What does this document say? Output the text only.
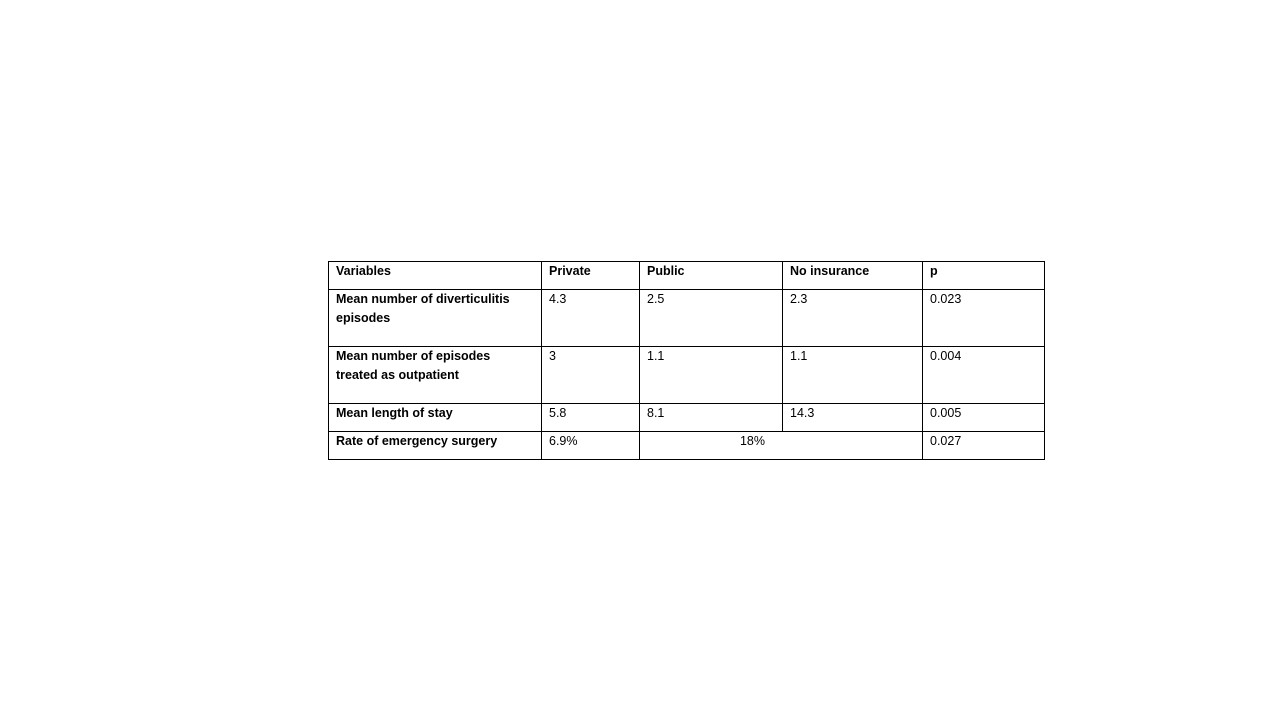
Variables	Private	Public	No insurance	p
Mean number of diverticulitis
episodes	4.3	2.5	2.3	0.023
Mean number of episodes
treated as outpatient	3	1.1	1.1	0.004
Mean length of stay	5.8	8.1	14.3	0.005
Rate of emergency surgery	6.9%	18%		0.027
